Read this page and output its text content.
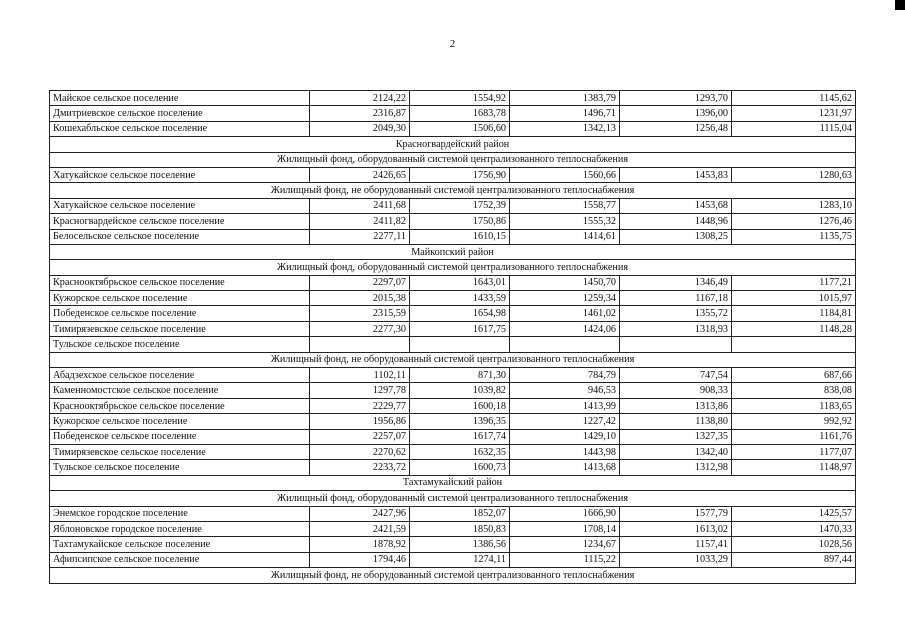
2
Майское сельское поселение	2124,22	1554,92	1383,79	1293,70	1145,62
Дмитриевское сельское поселение	2316,87	1683,78	1496,71	1396,00	1231,97
Кошехабльское сельское поселение	2049,30	1506,60	1342,13	1256,48	1115,04
Красногвардейский район					
Жилищный фонд, оборудованный системой централизованного теплоснабжения					
Хатукайское сельское поселение	2426,65	1756,90	1560,66	1453,83	1280,63
Жилищный фонд, не оборудованный системой централизованного теплоснабжения					
Хатукайское сельское поселение	2411,68	1752,39	1558,77	1453,68	1283,10
Красногвардейское сельское поселение	2411,82	1750,86	1555,32	1448,96	1276,46
Белосельское сельское поселение	2277,11	1610,15	1414,61	1308,25	1135,75
Майкопский район					
Жилищный фонд, оборудованный системой централизованного теплоснабжения					
Краснооктябрьское сельское поселение	2297,07	1643,01	1450,70	1346,49	1177,21
Кужорское сельское поселение	2015,38	1433,59	1259,34	1167,18	1015,97
Победенское сельское поселение	2315,59	1654,98	1461,02	1355,72	1184,81
Тимирязевское сельское поселение	2277,30	1617,75	1424,06	1318,93	1148,28
Тульское сельское поселение					
Жилищный фонд, не оборудованный системой централизованного теплоснабжения					
Абадзехское сельское поселение	1102,11	871,30	784,79	747,54	687,66
Каменномостское сельское поселение	1297,78	1039,82	946,53	908,33	838,08
Краснооктябрьское сельское поселение	2229,77	1600,18	1413,99	1313,86	1183,65
Кужорское сельское поселение	1956,86	1396,35	1227,42	1138,80	992,92
Победенское сельское поселение	2257,07	1617,74	1429,10	1327,35	1161,76
Тимирязевское сельское поселение	2270,62	1632,35	1443,98	1342,40	1177,07
Тульское сельское поселение	2233,72	1600,73	1413,68	1312,98	1148,97
Тахтамукайский район					
Жилищный фонд, оборудованный системой централизованного теплоснабжения					
Энемское городское поселение	2427,96	1852,07	1666,90	1577,79	1425,57
Яблоновское городское поселение	2421,59	1850,83	1708,14	1613,02	1470,33
Тахтамукайское сельское поселение	1878,92	1386,56	1234,67	1157,41	1028,56
Афипсипское сельское поселение	1794,46	1274,11	1115,22	1033,29	897,44
Жилищный фонд, не оборудованный системой централизованного теплоснабжения					
